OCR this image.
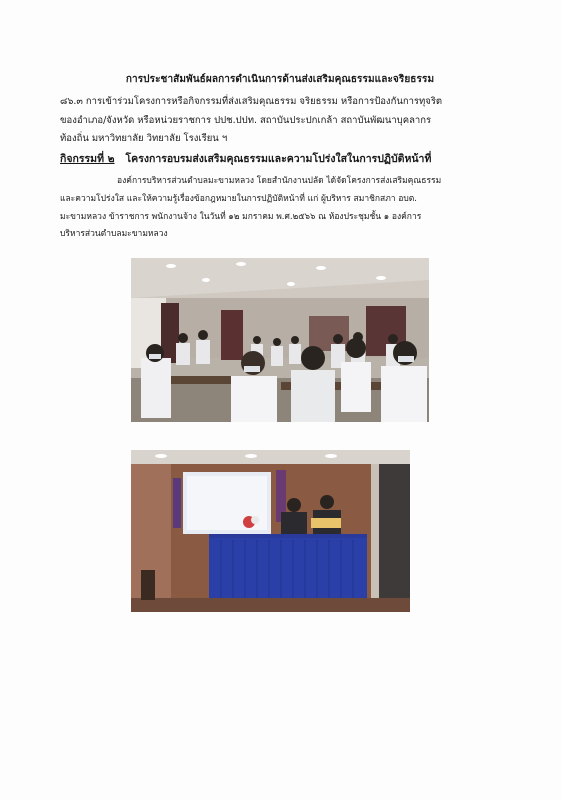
การประชาสัมพันธ์ผลการดำเนินการด้านส่งเสริมคุณธรรมและจริยธรรม
๘๖.๓ การเข้าร่วมโครงการหรือกิจกรรมที่ส่งเสริมคุณธรรม จริยธรรม หรือการป้องกันการทุจริต
ของอำเภอ/จังหวัด หรือหน่วยราชการ ปปช.ปปท. สถาบันประปกเกล้า สถาบันพัฒนาบุคลากร
ท้องถิ่น มหาวิทยาลัย วิทยาลัย โรงเรียน ฯ
กิจกรรมที่ ๒ โครงการอบรมส่งเสริมคุณธรรมและความโปร่งใสในการปฏิบัติหน้าที่
องค์การบริหารส่วนตำบลมะขามหลวง โดยสำนักงานปลัด ได้จัดโครงการส่งเสริมคุณธรรม
และความโปร่งใส และให้ความรู้เรื่องข้อกฎหมายในการปฏิบัติหน้าที่ แก่ ผู้บริหาร สมาชิกสภา อบต.
มะขามหลวง ข้าราชการ พนักงานจ้าง ในวันที่ ๑๒ มกราคม พ.ศ.๒๕๖๖ ณ ห้องประชุมชั้น ๑ องค์การ
บริหารส่วนตำบลมะขามหลวง
